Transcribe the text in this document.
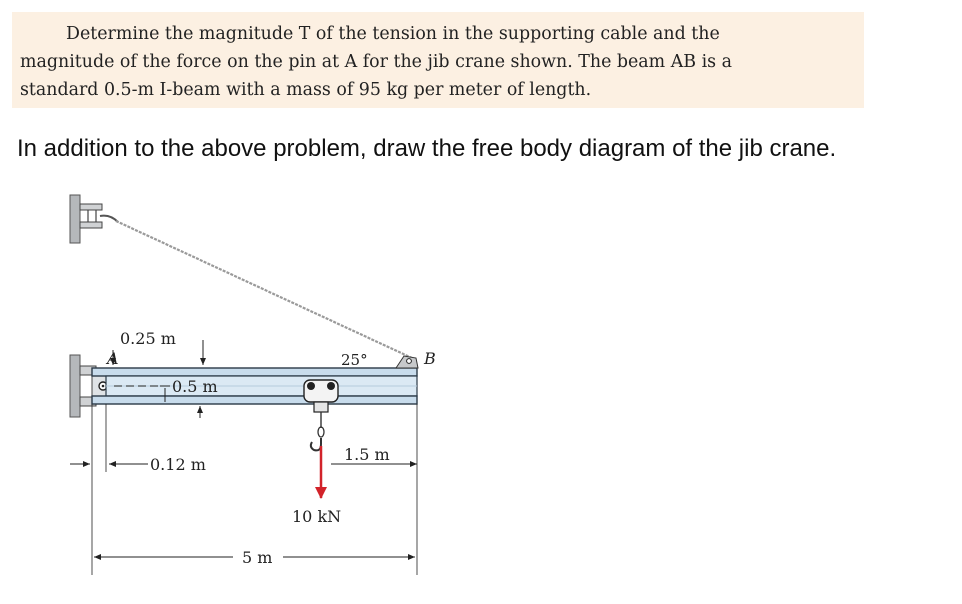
Determine the magnitude T of the tension in the supporting cable and the
magnitude of the force on the pin at A for the jib crane shown. The beam AB is a
standard 0.5-m I-beam with a mass of 95 kg per meter of length.
In addition to the above problem, draw the free body diagram of the jib crane.
0.25 m
0.5 m
0.12 m
1.5 m
5 m
A	B
25°
10 kN
